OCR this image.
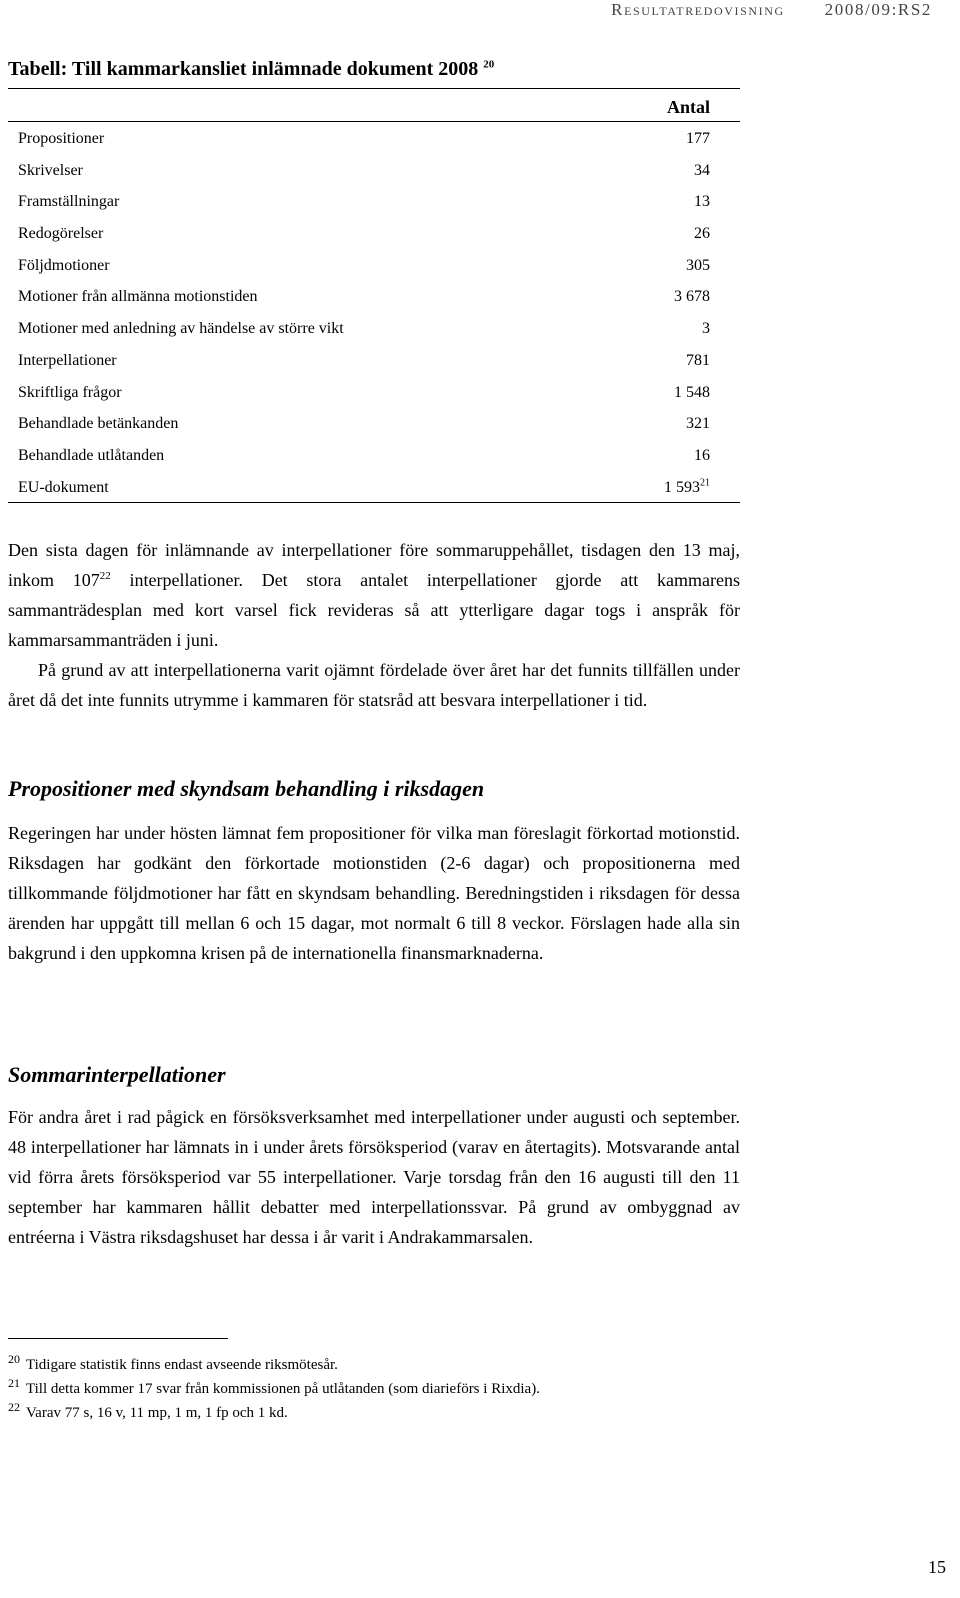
Resultatredovisning 2008/09:RS2
Tabell: Till kammarkansliet inlämnade dokument 2008 $^{20}$
Antal
Propositioner	177
Skrivelser	34
Framställningar	13
Redogörelser	26
Följdmotioner	305
Motioner från allmänna motionstiden	3 678
Motioner med anledning av händelse av större vikt	3
Interpellationer	781
Skriftliga frågor	1 548
Behandlade betänkanden	321
Behandlade utlåtanden	16
EU-dokument	1 $593^{21}$

Den sista dagen för inlämnande av interpellationer före sommaruppehållet, tisdagen den 13 maj, inkom $107^{22}$ interpellationer. Det stora antalet interpellationer gjorde att kammarens sammanträdesplan med kort varsel fick revideras så att ytterligare dagar togs i anspråk för kammarsammanträden i juni.

På grund av att interpellationerna varit ojämnt fördelade över året har det funnits tillfällen under året då det inte funnits utrymme i kammaren för statsråd att besvara interpellationer i tid.

Propositioner med skyndsam behandling i riksdagen

Regeringen har under hösten lämnat fem propositioner för vilka man föreslagit förkortad motionstid. Riksdagen har godkänt den förkortade motionstiden (2-6 dagar) och propositionerna med tillkommande följdmotioner har fått en skyndsam behandling. Beredningstiden i riksdagen för dessa ärenden har uppgått till mellan 6 och 15 dagar, mot normalt 6 till 8 veckor. Förslagen hade alla sin bakgrund i den uppkomna krisen på de internationella finansmarknaderna.

Sommarinterpellationer

För andra året i rad pågick en försöksverksamhet med interpellationer under augusti och september. 48 interpellationer har lämnats in i under årets försöksperiod (varav en återtagits). Motsvarande antal vid förra årets försöksperiod var 55 interpellationer. Varje torsdag från den 16 augusti till den 11 september har kammaren hållit debatter med interpellationssvar. På grund av ombyggnad av entréerna i Västra riksdagshuset har dessa i år varit i Andrakammarsalen.

$^{20}$ Tidigare statistik finns endast avseende riksmötesår.

$^{21}$ Till detta kommer 17 svar från kommissionen på utlåtanden (som diarieförs i Rixdia).

$^{22}$ Varav 77 s, 16 v, 11 mp, 1 m, 1 fp och 1 kd.

15
